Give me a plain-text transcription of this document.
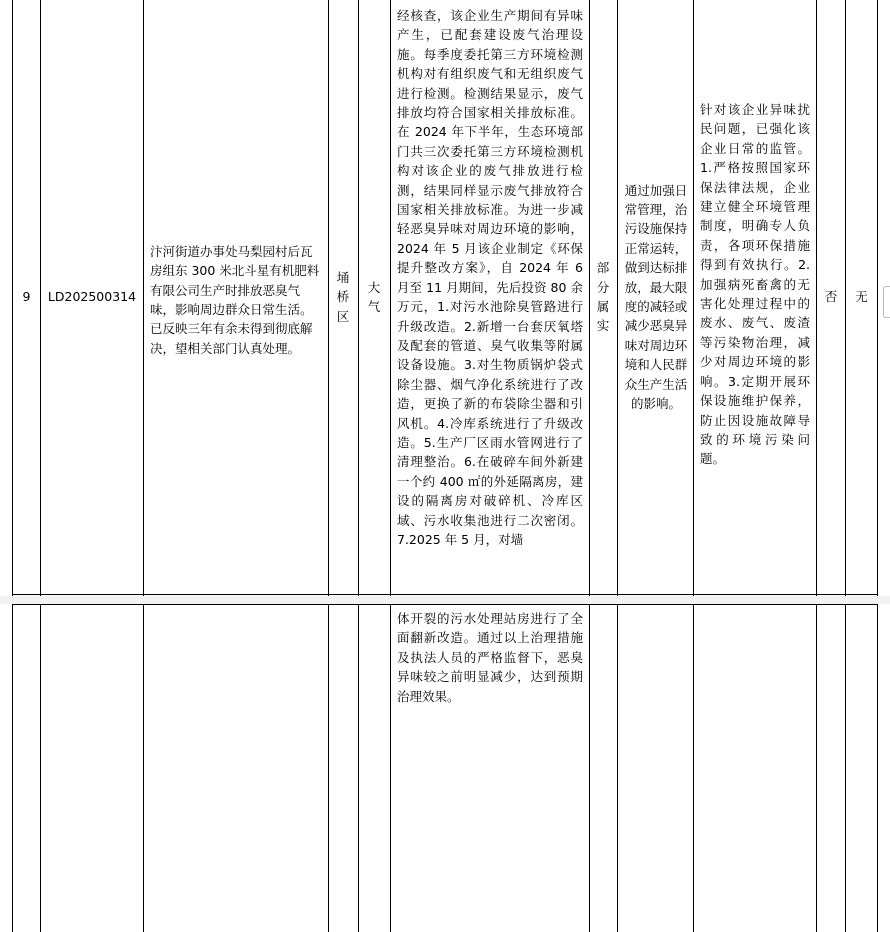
9	LD202500314
汴河街道办事处马梨园村后瓦房组东 300 米北斗星有机肥料有限公司生产时排放恶臭气味，影响周边群众日常生活。已反映三年有余未得到彻底解决，望相关部门认真处理。
埇桥区
大气
经核查，该企业生产期间有异味产生，已配套建设废气治理设施。每季度委托第三方环境检测机构对有组织废气和无组织废气进行检测。检测结果显示，废气排放均符合国家相关排放标准。在 2024 年下半年，生态环境部门共三次委托第三方环境检测机构对该企业的废气排放进行检测，结果同样显示废气排放符合国家相关排放标准。为进一步减轻恶臭异味对周边环境的影响，2024 年 5 月该企业制定《环保提升整改方案》，自 2024 年 6 月至 11 月期间，先后投资 80 余万元，1.对污水池除臭管路进行升级改造。2.新增一台套厌氧塔及配套的管道、臭气收集等附属设备设施。3.对生物质锅炉袋式除尘器、烟气净化系统进行了改造，更换了新的布袋除尘器和引风机。4.冷库系统进行了升级改造。5.生产厂区雨水管网进行了清理整治。6.在破碎车间外新建一个约 400 ㎡的外延隔离房，建设的隔离房对破碎机、冷库区域、污水收集池进行二次密闭。7.2025 年 5 月，对墙
部分属实
通过加强日常管理，治污设施保持正常运转，做到达标排放，最大限度的减轻或减少恶臭异味对周边环境和人民群众生产生活的影响。
针对该企业异味扰民问题，已强化该企业日常的监管。1.严格按照国家环保法律法规，企业建立健全环境管理制度，明确专人负责，各项环保措施得到有效执行。2.加强病死畜禽的无害化处理过程中的废水、废气、废渣等污染物治理，减少对周边环境的影响。3.定期开展环保设施维护保养，防止因设施故障导致的环境污染问题。
否	无
体开裂的污水处理站房进行了全面翻新改造。通过以上治理措施及执法人员的严格监督下，恶臭异味较之前明显减少，达到预期治理效果。
